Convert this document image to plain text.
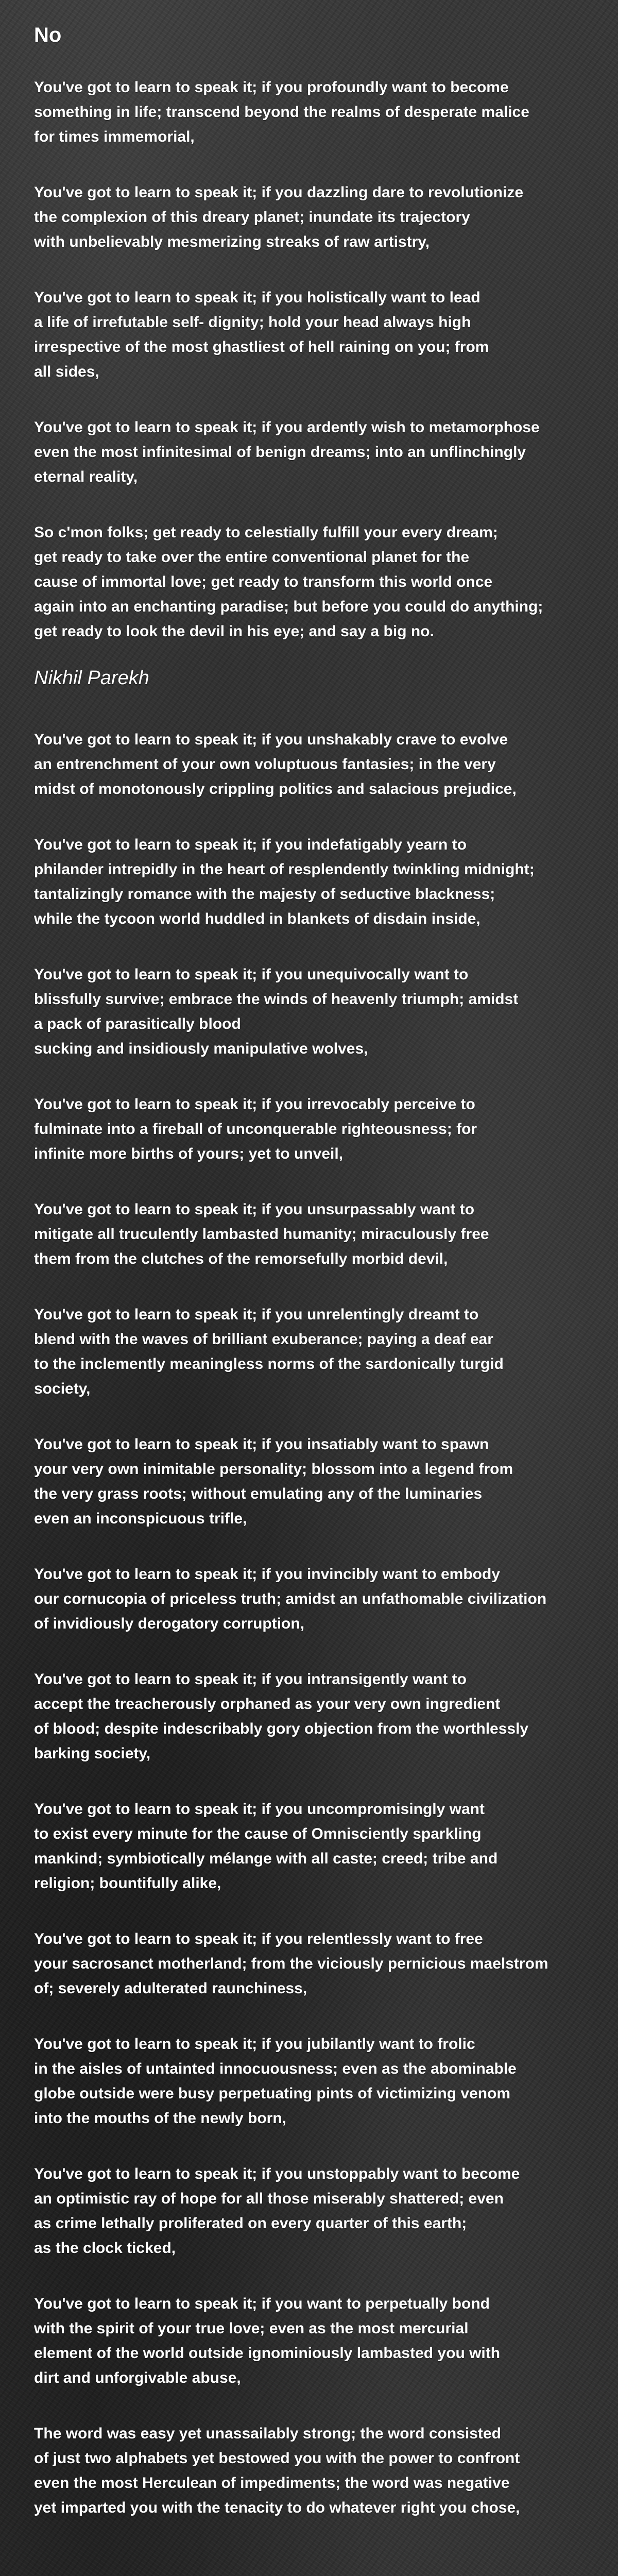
No
You've got to learn to speak it; if you profoundly want to become
something in life; transcend beyond the realms of desperate malice
for times immemorial,
You've got to learn to speak it; if you dazzling dare to revolutionize
the complexion of this dreary planet; inundate its trajectory
with unbelievably mesmerizing streaks of raw artistry,
You've got to learn to speak it; if you holistically want to lead
a life of irrefutable self- dignity; hold your head always high
irrespective of the most ghastliest of hell raining on you; from
all sides,
You've got to learn to speak it; if you ardently wish to metamorphose
even the most infinitesimal of benign dreams; into an unflinchingly
eternal reality,
So c'mon folks; get ready to celestially fulfill your every dream;
get ready to take over the entire conventional planet for the
cause of immortal love; get ready to transform this world once
again into an enchanting paradise; but before you could do anything;
get ready to look the devil in his eye; and say a big no.
Nikhil Parekh
You've got to learn to speak it; if you unshakably crave to evolve
an entrenchment of your own voluptuous fantasies; in the very
midst of monotonously crippling politics and salacious prejudice,
You've got to learn to speak it; if you indefatigably yearn to
philander intrepidly in the heart of resplendently twinkling midnight;
tantalizingly romance with the majesty of seductive blackness;
while the tycoon world huddled in blankets of disdain inside,
You've got to learn to speak it; if you unequivocally want to
blissfully survive; embrace the winds of heavenly triumph; amidst
a pack of parasitically blood
sucking and insidiously manipulative wolves,
You've got to learn to speak it; if you irrevocably perceive to
fulminate into a fireball of unconquerable righteousness; for
infinite more births of yours; yet to unveil,
You've got to learn to speak it; if you unsurpassably want to
mitigate all truculently lambasted humanity; miraculously free
them from the clutches of the remorsefully morbid devil,
You've got to learn to speak it; if you unrelentingly dreamt to
blend with the waves of brilliant exuberance; paying a deaf ear
to the inclemently meaningless norms of the sardonically turgid
society,
You've got to learn to speak it; if you insatiably want to spawn
your very own inimitable personality; blossom into a legend from
the very grass roots; without emulating any of the luminaries
even an inconspicuous trifle,
You've got to learn to speak it; if you invincibly want to embody
our cornucopia of priceless truth; amidst an unfathomable civilization
of invidiously derogatory corruption,
You've got to learn to speak it; if you intransigently want to
accept the treacherously orphaned as your very own ingredient
of blood; despite indescribably gory objection from the worthlessly
barking society,
You've got to learn to speak it; if you uncompromisingly want
to exist every minute for the cause of Omnisciently sparkling
mankind; symbiotically mélange with all caste; creed; tribe and
religion; bountifully alike,
You've got to learn to speak it; if you relentlessly want to free
your sacrosanct motherland; from the viciously pernicious maelstrom
of; severely adulterated raunchiness,
You've got to learn to speak it; if you jubilantly want to frolic
in the aisles of untainted innocuousness; even as the abominable
globe outside were busy perpetuating pints of victimizing venom
into the mouths of the newly born,
You've got to learn to speak it; if you unstoppably want to become
an optimistic ray of hope for all those miserably shattered; even
as crime lethally proliferated on every quarter of this earth;
as the clock ticked,
You've got to learn to speak it; if you want to perpetually bond
with the spirit of your true love; even as the most mercurial
element of the world outside ignominiously lambasted you with
dirt and unforgivable abuse,
The word was easy yet unassailably strong; the word consisted
of just two alphabets yet bestowed you with the power to confront
even the most Herculean of impediments; the word was negative
yet imparted you with the tenacity to do whatever right you chose,
